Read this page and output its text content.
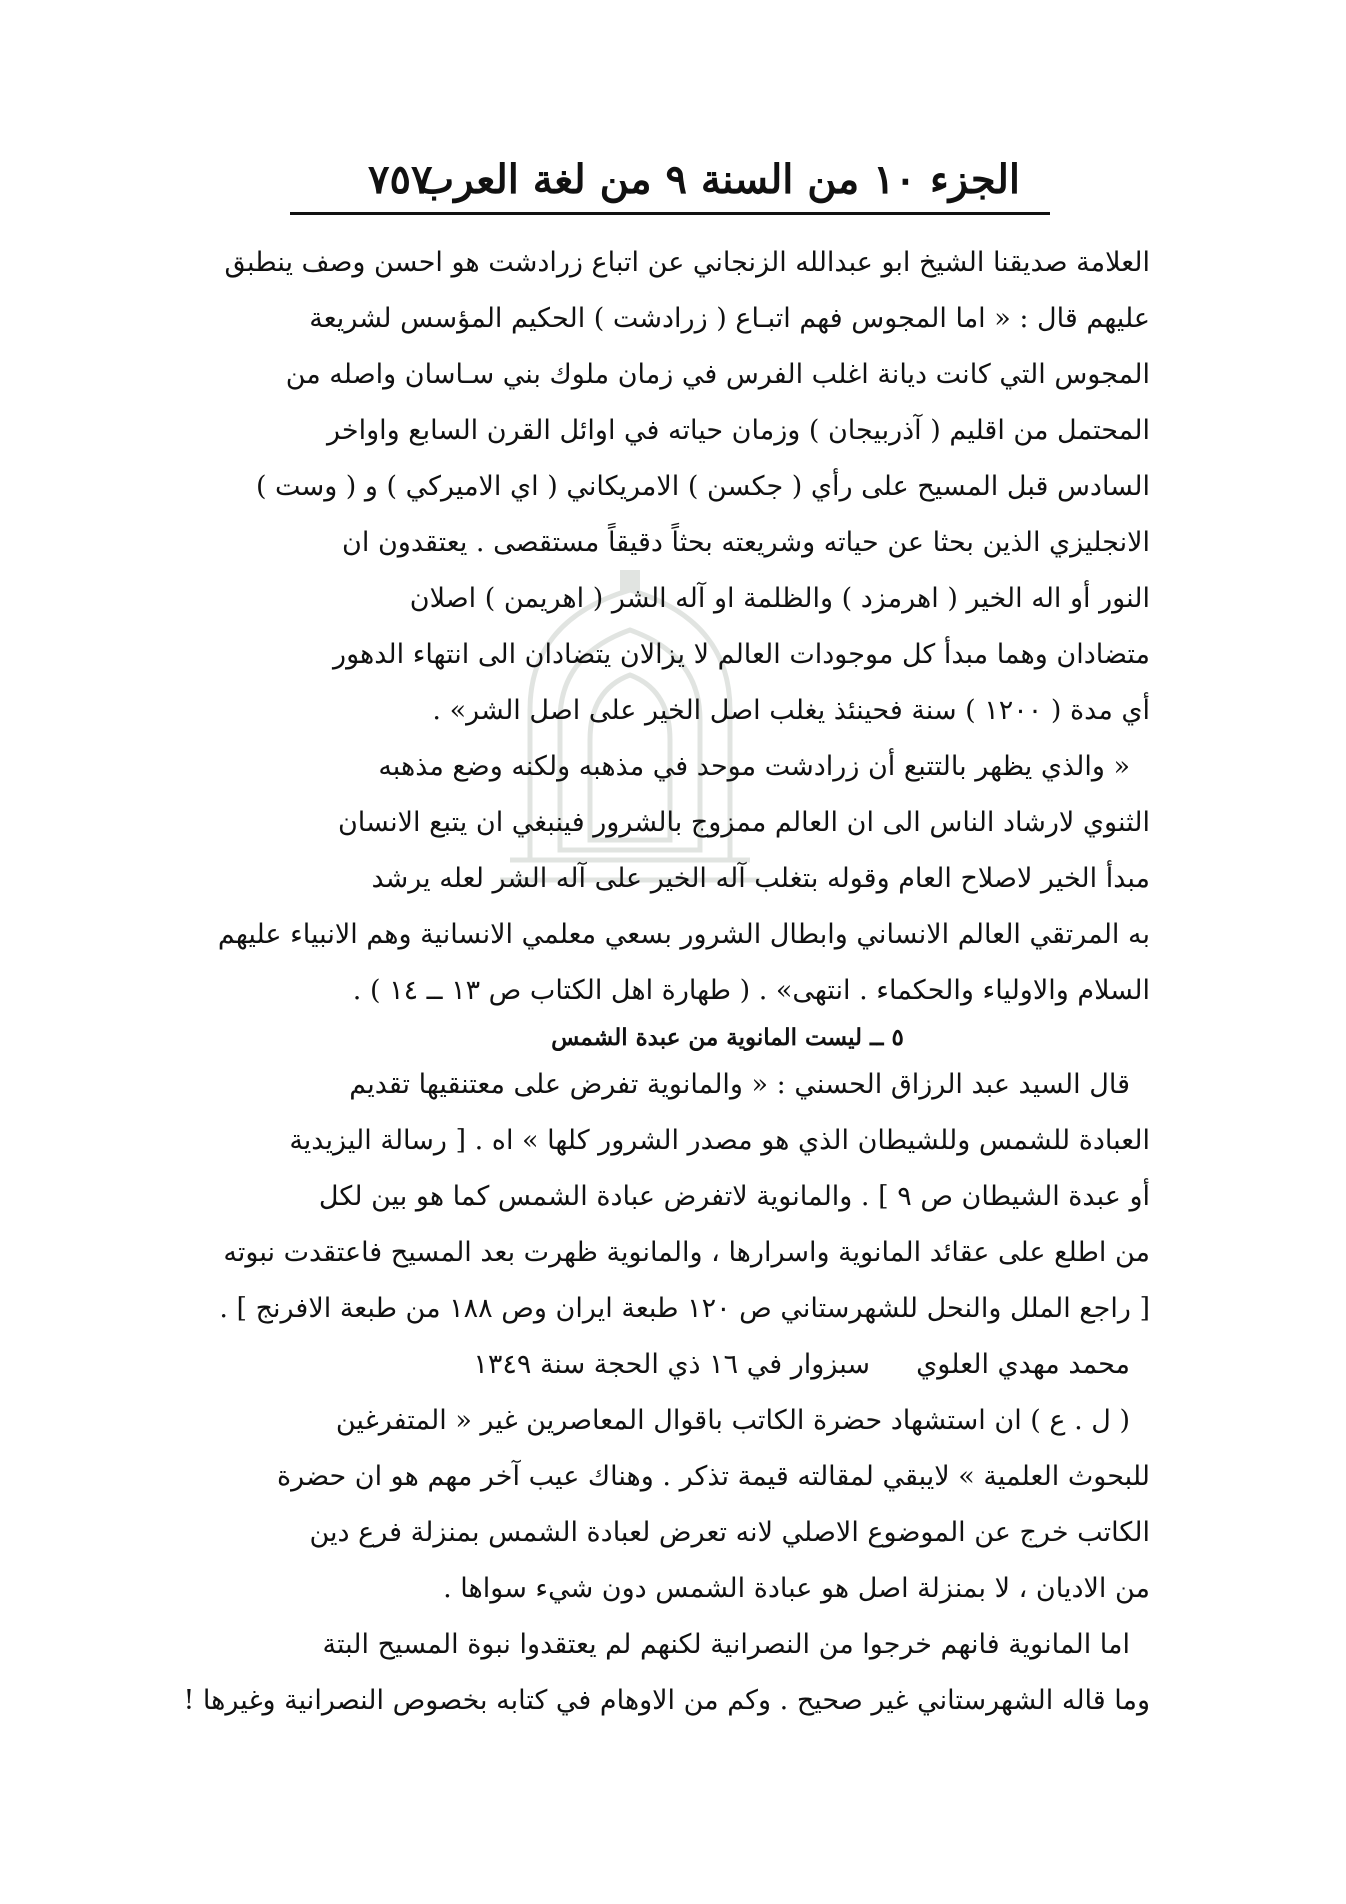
الجزء ١٠ من السنة ٩ من لغة العرب
٧٥٧
العلامة صديقنا الشيخ ابو عبدالله الزنجاني عن اتباع زرادشت هو احسن وصف ينطبق
عليهم قال : « اما المجوس فهم اتبـاع ( زرادشت ) الحكيم المؤسس لشريعة
المجوس التي كانت ديانة اغلب الفرس في زمان ملوك بني سـاسان واصله من
المحتمل من اقليم ( آذربيجان ) وزمان حياته في اوائل القرن السابع واواخر
السادس قبل المسيح على رأي ( جكسن ) الامريكاني ( اي الاميركي ) و ( وست )
الانجليزي الذين بحثا عن حياته وشريعته بحثاً دقيقاً مستقصى . يعتقدون ان
النور أو اله الخير ( اهرمزد ) والظلمة او آله الشر ( اهريمن ) اصلان
متضادان وهما مبدأ كل موجودات العالم لا يزالان يتضادان الى انتهاء الدهور
أي مدة ( ١٢٠٠ ) سنة فحينئذ يغلب اصل الخير على اصل الشر» .
« والذي يظهر بالتتبع أن زرادشت موحد في مذهبه ولكنه وضع مذهبه
الثنوي لارشاد الناس الى ان العالم ممزوج بالشرور فينبغي ان يتبع الانسان
مبدأ الخير لاصلاح العام وقوله بتغلب آله الخير على آله الشر لعله يرشد
به المرتقي العالم الانساني وابطال الشرور بسعي معلمي الانسانية وهم الانبياء عليهم
السلام والاولياء والحكماء . انتهى» . ( طهارة اهل الكتاب ص ١٣ ــ ١٤ ) .
٥ ــ ليست المانوية من عبدة الشمس
قال السيد عبد الرزاق الحسني : « والمانوية تفرض على معتنقيها تقديم
العبادة للشمس وللشيطان الذي هو مصدر الشرور كلها » اه . [ رسالة اليزيدية
أو عبدة الشيطان ص ٩ ] . والمانوية لاتفرض عبادة الشمس كما هو بين لكل
من اطلع على عقائد المانوية واسرارها ، والمانوية ظهرت بعد المسيح فاعتقدت نبوته
[ راجع الملل والنحل للشهرستاني ص ١٢٠ طبعة ايران وص ١٨٨ من طبعة الافرنج ] .
سبزوار في ١٦ ذي الحجة سنة ١٣٤٩ محمد مهدي العلوي
( ل . ع ) ان استشهاد حضرة الكاتب باقوال المعاصرين غير « المتفرغين
للبحوث العلمية » لايبقي لمقالته قيمة تذكر . وهناك عيب آخر مهم هو ان حضرة
الكاتب خرج عن الموضوع الاصلي لانه تعرض لعبادة الشمس بمنزلة فرع دين
من الاديان ، لا بمنزلة اصل هو عبادة الشمس دون شيء سواها .
اما المانوية فانهم خرجوا من النصرانية لكنهم لم يعتقدوا نبوة المسيح البتة
وما قاله الشهرستاني غير صحيح . وكم من الاوهام في كتابه بخصوص النصرانية وغيرها !
